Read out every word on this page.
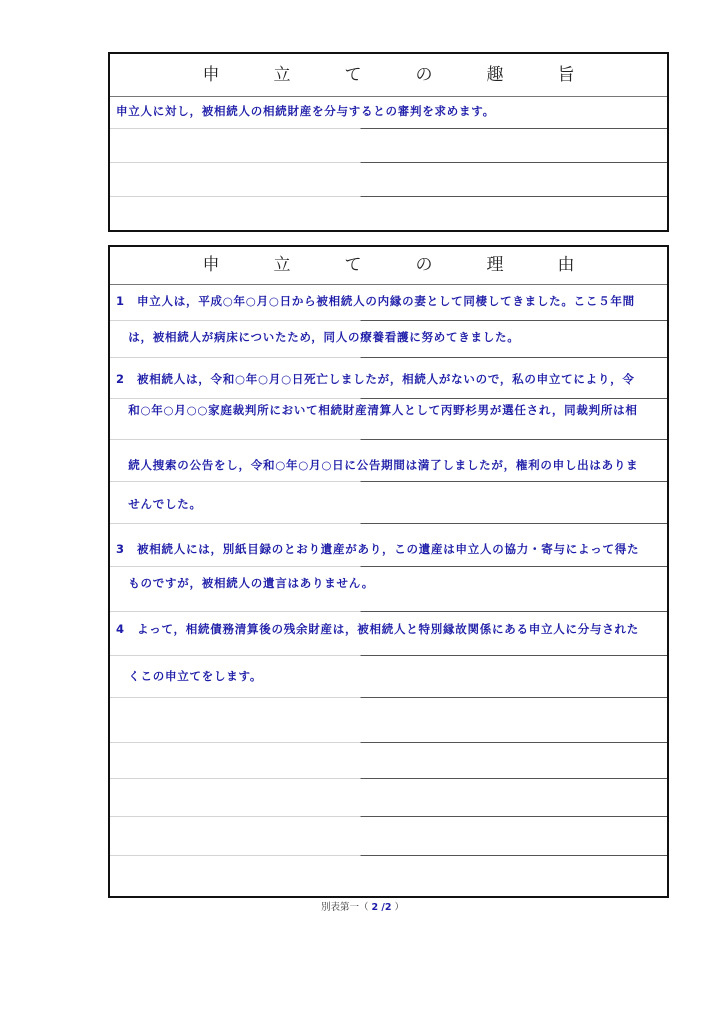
申	立	て	の	趣	旨
申立人に対し，被相続人の相続財産を分与するとの審判を求めます。
申	立	て	の	理	由
1　申立人は，平成○年○月○日から被相続人の内縁の妻として同棲してきました。ここ５年間
　は，被相続人が病床についたため，同人の療養看護に努めてきました。
2　被相続人は，令和○年○月○日死亡しましたが，相続人がないので，私の申立てにより，令
　和○年○月○○家庭裁判所において相続財産清算人として丙野杉男が選任され，同裁判所は相
　続人捜索の公告をし，令和○年○月○日に公告期間は満了しましたが，権利の申し出はありま
　せんでした。
3　被相続人には，別紙目録のとおり遺産があり，この遺産は申立人の協力・寄与によって得た
　ものですが，被相続人の遺言はありません。
4　よって，相続債務清算後の残余財産は，被相続人と特別縁故関係にある申立人に分与された
　くこの申立てをします。
別表第一（ 2 /2 ）
